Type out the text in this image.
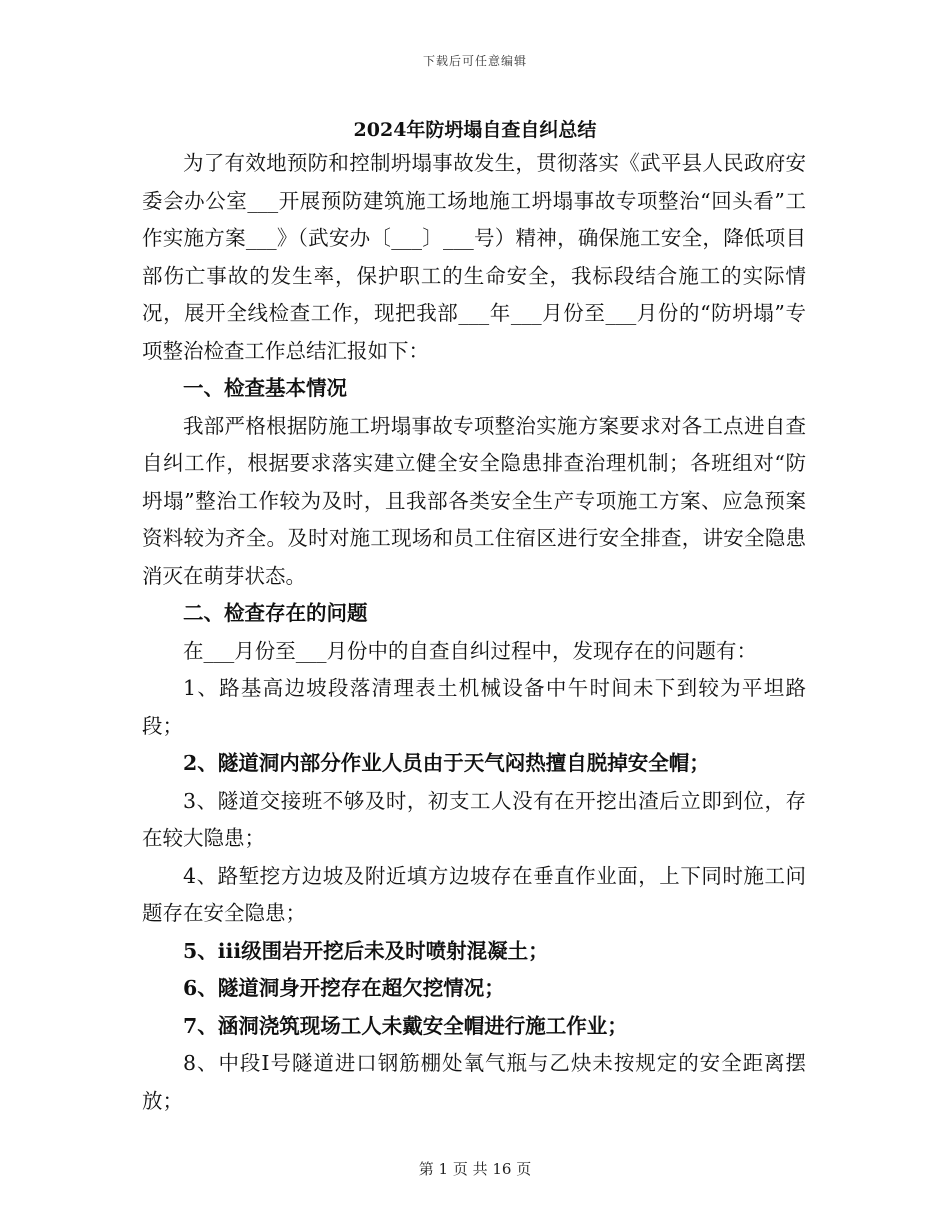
下载后可任意编辑
2024年防坍塌自查自纠总结

为了有效地预防和控制坍塌事故发生，贯彻落实《武平县人民政府安委会办公室___开展预防建筑施工场地施工坍塌事故专项整治“回头看”工作实施方案___》（武安办〔___〕___号）精神，确保施工安全，降低项目部伤亡事故的发生率，保护职工的生命安全，我标段结合施工的实际情况，展开全线检查工作，现把我部___年___月份至___月份的“防坍塌”专项整治检查工作总结汇报如下：

一、检查基本情况

我部严格根据防施工坍塌事故专项整治实施方案要求对各工点进自查自纠工作，根据要求落实建立健全安全隐患排查治理机制；各班组对“防坍塌”整治工作较为及时，且我部各类安全生产专项施工方案、应急预案资料较为齐全。及时对施工现场和员工住宿区进行安全排查，讲安全隐患消灭在萌芽状态。

二、检查存在的问题

在___月份至___月份中的自查自纠过程中，发现存在的问题有：

1、路基高边坡段落清理表土机械设备中午时间未下到较为平坦路段；

2、隧道洞内部分作业人员由于天气闷热擅自脱掉安全帽；

3、隧道交接班不够及时，初支工人没有在开挖出渣后立即到位，存在较大隐患；

4、路堑挖方边坡及附近填方边坡存在垂直作业面，上下同时施工问题存在安全隐患；

5、iii级围岩开挖后未及时喷射混凝土；

6、隧道洞身开挖存在超欠挖情况；

7、涵洞浇筑现场工人未戴安全帽进行施工作业；

8、中段Ⅰ号隧道进口钢筋棚处氧气瓶与乙炔未按规定的安全距离摆放；

第 1 页 共 16 页
